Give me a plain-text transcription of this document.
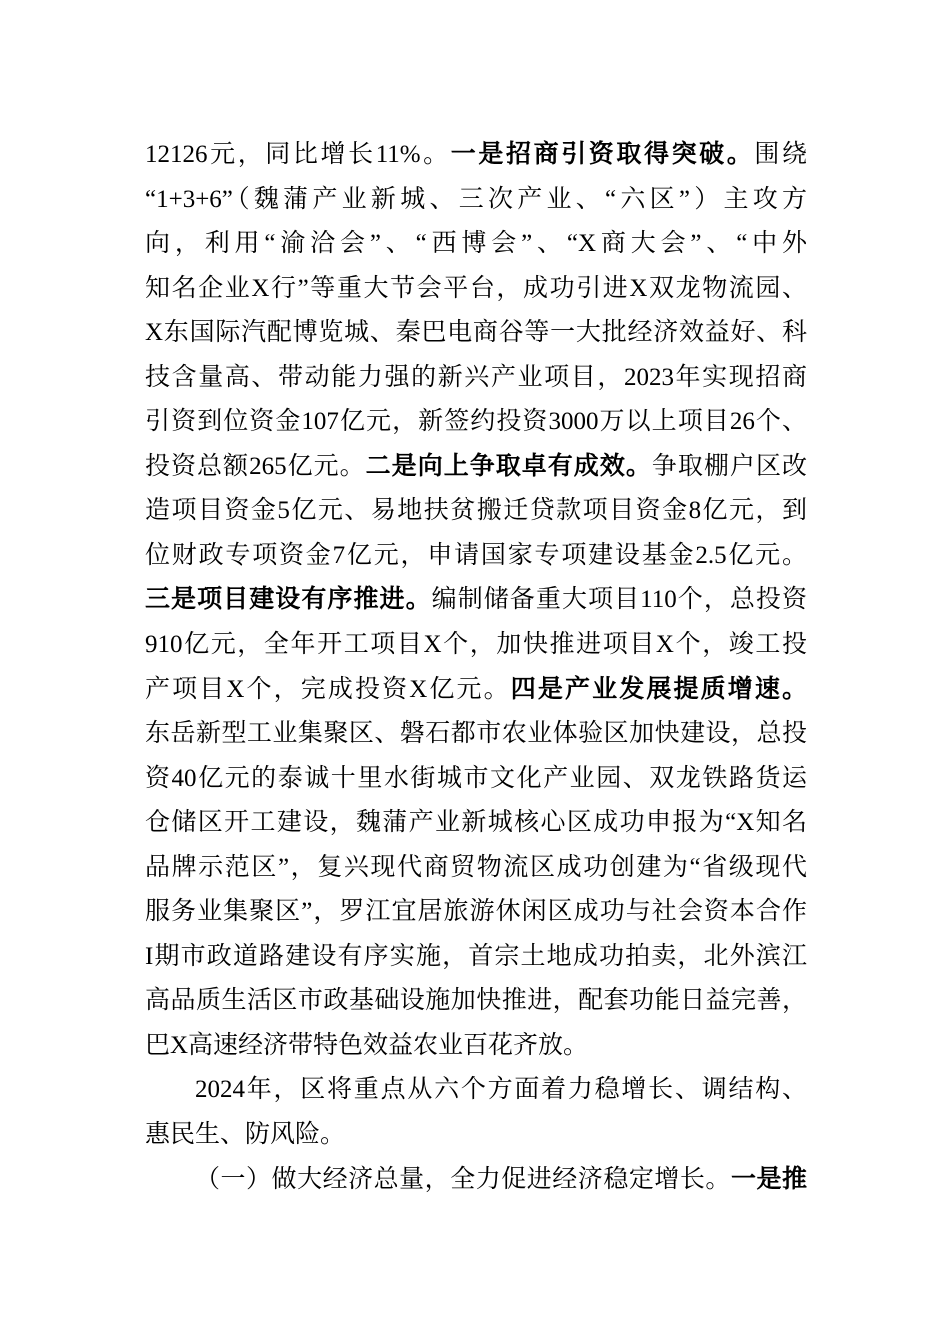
12126元，同比增长11%。一是招商引资取得突破。围绕
“1+3+6”（魏蒲产业新城、三次产业、“六区”）主攻方
向，利用“渝洽会”、“西博会”、“X商大会”、“中外
知名企业X行”等重大节会平台，成功引进X双龙物流园、
X东国际汽配博览城、秦巴电商谷等一大批经济效益好、科
技含量高、带动能力强的新兴产业项目，2023年实现招商
引资到位资金107亿元，新签约投资3000万以上项目26个、
投资总额265亿元。二是向上争取卓有成效。争取棚户区改
造项目资金5亿元、易地扶贫搬迁贷款项目资金8亿元，到
位财政专项资金7亿元，申请国家专项建设基金2.5亿元。
三是项目建设有序推进。编制储备重大项目110个，总投资
910亿元，全年开工项目X个，加快推进项目X个，竣工投
产项目X个，完成投资X亿元。四是产业发展提质增速。
东岳新型工业集聚区、磐石都市农业体验区加快建设，总投
资40亿元的泰诚十里水街城市文化产业园、双龙铁路货运
仓储区开工建设，魏蒲产业新城核心区成功申报为“X知名
品牌示范区”，复兴现代商贸物流区成功创建为“省级现代
服务业集聚区”，罗江宜居旅游休闲区成功与社会资本合作
I期市政道路建设有序实施，首宗土地成功拍卖，北外滨江
高品质生活区市政基础设施加快推进，配套功能日益完善，
巴X高速经济带特色效益农业百花齐放。
2024年，区将重点从六个方面着力稳增长、调结构、
惠民生、防风险。
（一）做大经济总量，全力促进经济稳定增长。一是推
